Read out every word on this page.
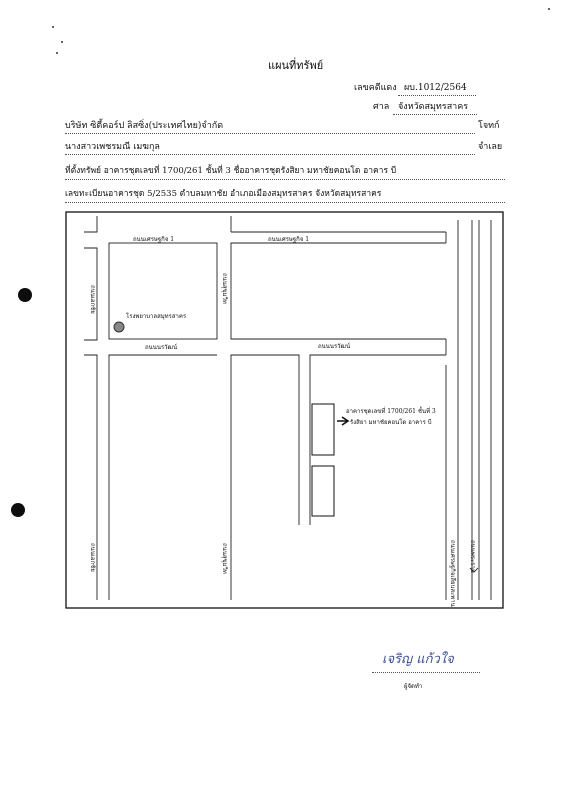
แผนที่ทรัพย์
เลขคดีแดง ผบ.1012/2564
ศาล จังหวัดสมุทรสาคร
บริษัท ซิตี้คอร์ป ลิสซิ่ง(ประเทศไทย)จำกัด	โจทก์
นางสาวเพชรมณี เมฆกุล	จำเลย
ที่ตั้งทรัพย์ อาคารชุดเลขที่ 1700/261 ชั้นที่ 3 ชื่ออาคารชุดรังสิยา มหาชัยคอนโด อาคาร บี
เลขทะเบียนอาคารชุด 5/2535 ตำบลมหาชัย อำเภอเมืองสมุทรสาคร จังหวัดสมุทรสาคร
ถนนเศรษฐกิจ 1	ถนนเศรษฐกิจ 1
ถนนนรวัฒน์	ถนนนรวัฒน์
โรงพยาบาลสมุทรสาคร
อาคารชุดเลขที่ 1700/261 ชั้นที่ 3
รังสิยา มหาชัยคอนโด อาคาร บี
ถนนเอกชัย	ถนนสุขุมวิท
ถนนเอกชัย	ถนนสุขุมวิท	ถนนเศรษฐกิจเลียบสะพาน	ถนนพระราม
เจริญ แก้วใจ
ผู้จัดทำ
